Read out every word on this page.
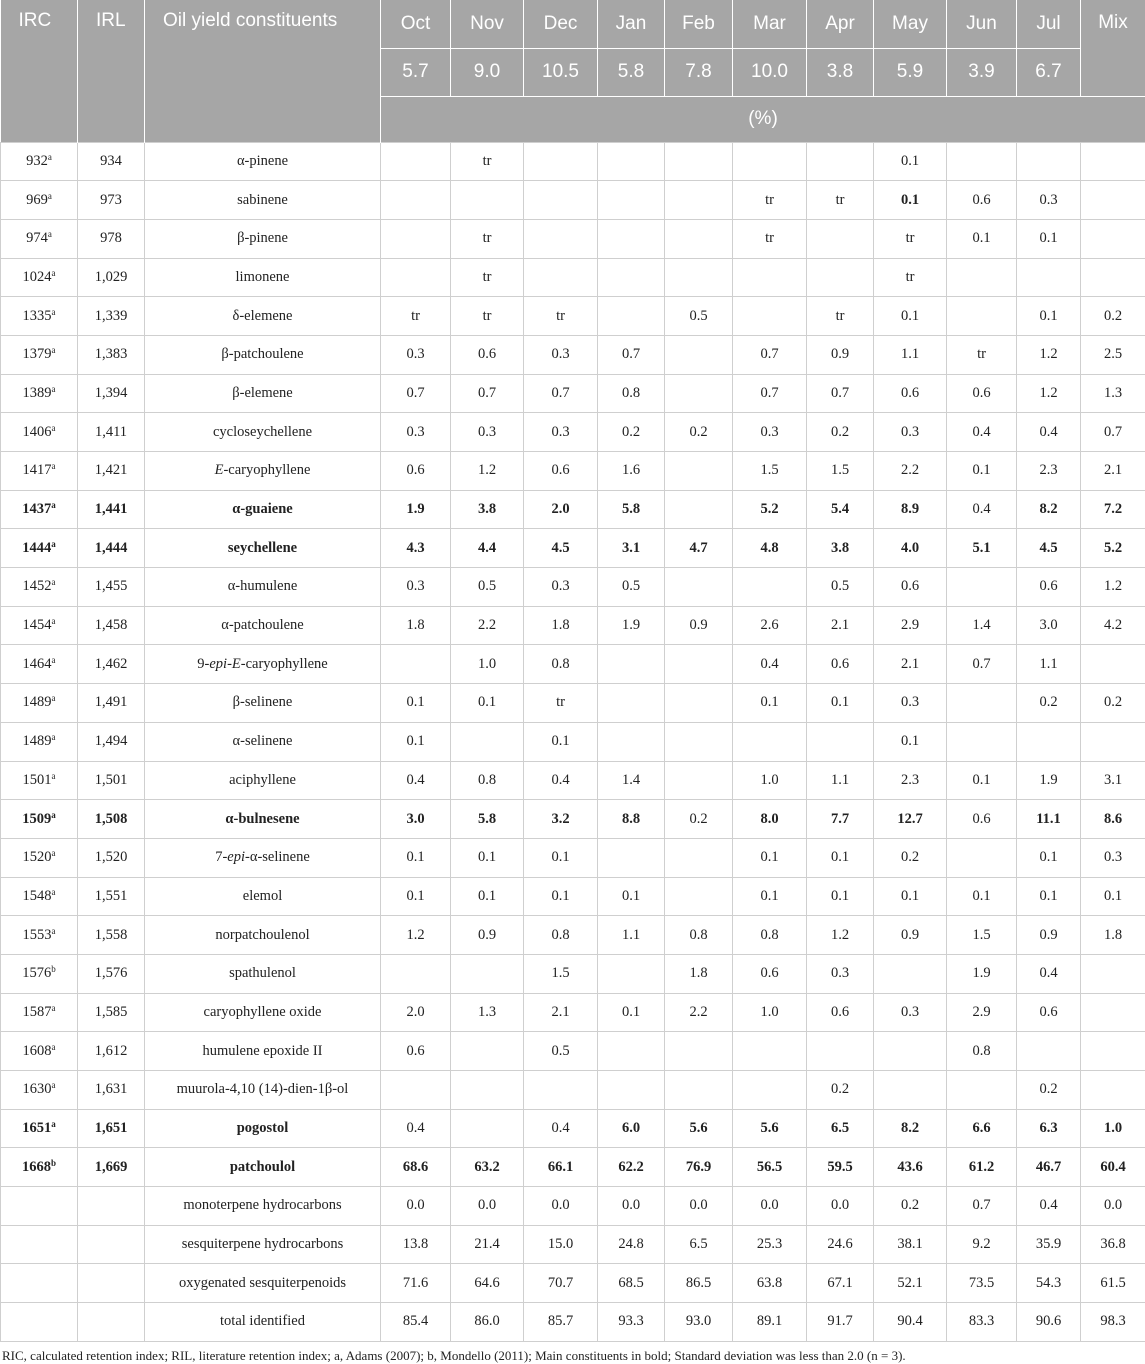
IRC	IRL	Oil yield constituents	Oct	Nov	Dec	Jan	Feb	Mar	Apr	May	Jun	Jul	Mix
			5.7	9.0	10.5	5.8	7.8	10.0	3.8	5.9	3.9	6.7	
			(%)										
932$^a$	934	α-pinene		tr						0.1			
969$^a$	973	sabinene						tr	tr	0.1	0.6	0.3	
974$^a$	978	β-pinene		tr				tr		tr	0.1	0.1	
1024$^a$	1,029	limonene		tr						tr			
1335$^a$	1,339	δ-elemene	tr	tr	tr		0.5		tr	0.1		0.1	0.2
1379$^a$	1,383	β-patchoulene	0.3	0.6	0.3	0.7		0.7	0.9	1.1	tr	1.2	2.5
1389$^a$	1,394	β-elemene	0.7	0.7	0.7	0.8		0.7	0.7	0.6	0.6	1.2	1.3
1406$^a$	1,411	cycloseychellene	0.3	0.3	0.3	0.2	0.2	0.3	0.2	0.3	0.4	0.4	0.7
1417$^a$	1,421	E-caryophyllene	0.6	1.2	0.6	1.6		1.5	1.5	2.2	0.1	2.3	2.1
1437$^a$	1,441	α-guaiene	1.9	3.8	2.0	5.8		5.2	5.4	8.9	0.4	8.2	7.2
1444$^a$	1,444	seychellene	4.3	4.4	4.5	3.1	4.7	4.8	3.8	4.0	5.1	4.5	5.2
1452$^a$	1,455	α-humulene	0.3	0.5	0.3	0.5			0.5	0.6		0.6	1.2
1454$^a$	1,458	α-patchoulene	1.8	2.2	1.8	1.9	0.9	2.6	2.1	2.9	1.4	3.0	4.2
1464$^a$	1,462	9-epi-E-caryophyllene		1.0	0.8			0.4	0.6	2.1	0.7	1.1	
1489$^a$	1,491	β-selinene	0.1	0.1	tr			0.1	0.1	0.3		0.2	0.2
1489$^a$	1,494	α-selinene	0.1		0.1					0.1			
1501$^a$	1,501	aciphyllene	0.4	0.8	0.4	1.4		1.0	1.1	2.3	0.1	1.9	3.1
1509$^a$	1,508	α-bulnesene	3.0	5.8	3.2	8.8	0.2	8.0	7.7	12.7	0.6	11.1	8.6
1520$^a$	1,520	7-epi-α-selinene	0.1	0.1	0.1			0.1	0.1	0.2		0.1	0.3
1548$^a$	1,551	elemol	0.1	0.1	0.1	0.1		0.1	0.1	0.1	0.1	0.1	0.1
1553$^a$	1,558	norpatchoulenol	1.2	0.9	0.8	1.1	0.8	0.8	1.2	0.9	1.5	0.9	1.8
1576$^b$	1,576	spathulenol			1.5		1.8	0.6	0.3		1.9	0.4	
1587$^a$	1,585	caryophyllene oxide	2.0	1.3	2.1	0.1	2.2	1.0	0.6	0.3	2.9	0.6	
1608$^a$	1,612	humulene epoxide II	0.6		0.5						0.8		
1630$^a$	1,631	muurola-4,10 (14)-dien-1β-ol							0.2			0.2	
1651$^a$	1,651	pogostol	0.4		0.4	6.0	5.6	5.6	6.5	8.2	6.6	6.3	1.0
1668$^b$	1,669	patchoulol	68.6	63.2	66.1	62.2	76.9	56.5	59.5	43.6	61.2	46.7	60.4
		monoterpene hydrocarbons	0.0	0.0	0.0	0.0	0.0	0.0	0.0	0.2	0.7	0.4	0.0
		sesquiterpene hydrocarbons	13.8	21.4	15.0	24.8	6.5	25.3	24.6	38.1	9.2	35.9	36.8
		oxygenated sesquiterpenoids	71.6	64.6	70.7	68.5	86.5	63.8	67.1	52.1	73.5	54.3	61.5
		total identified	85.4	86.0	85.7	93.3	93.0	89.1	91.7	90.4	83.3	90.6	98.3
RIC, calculated retention index; RIL, literature retention index; a, Adams (2007); b, Mondello (2011); Main constituents in bold; Standard deviation was less than 2.0 (n = 3).
